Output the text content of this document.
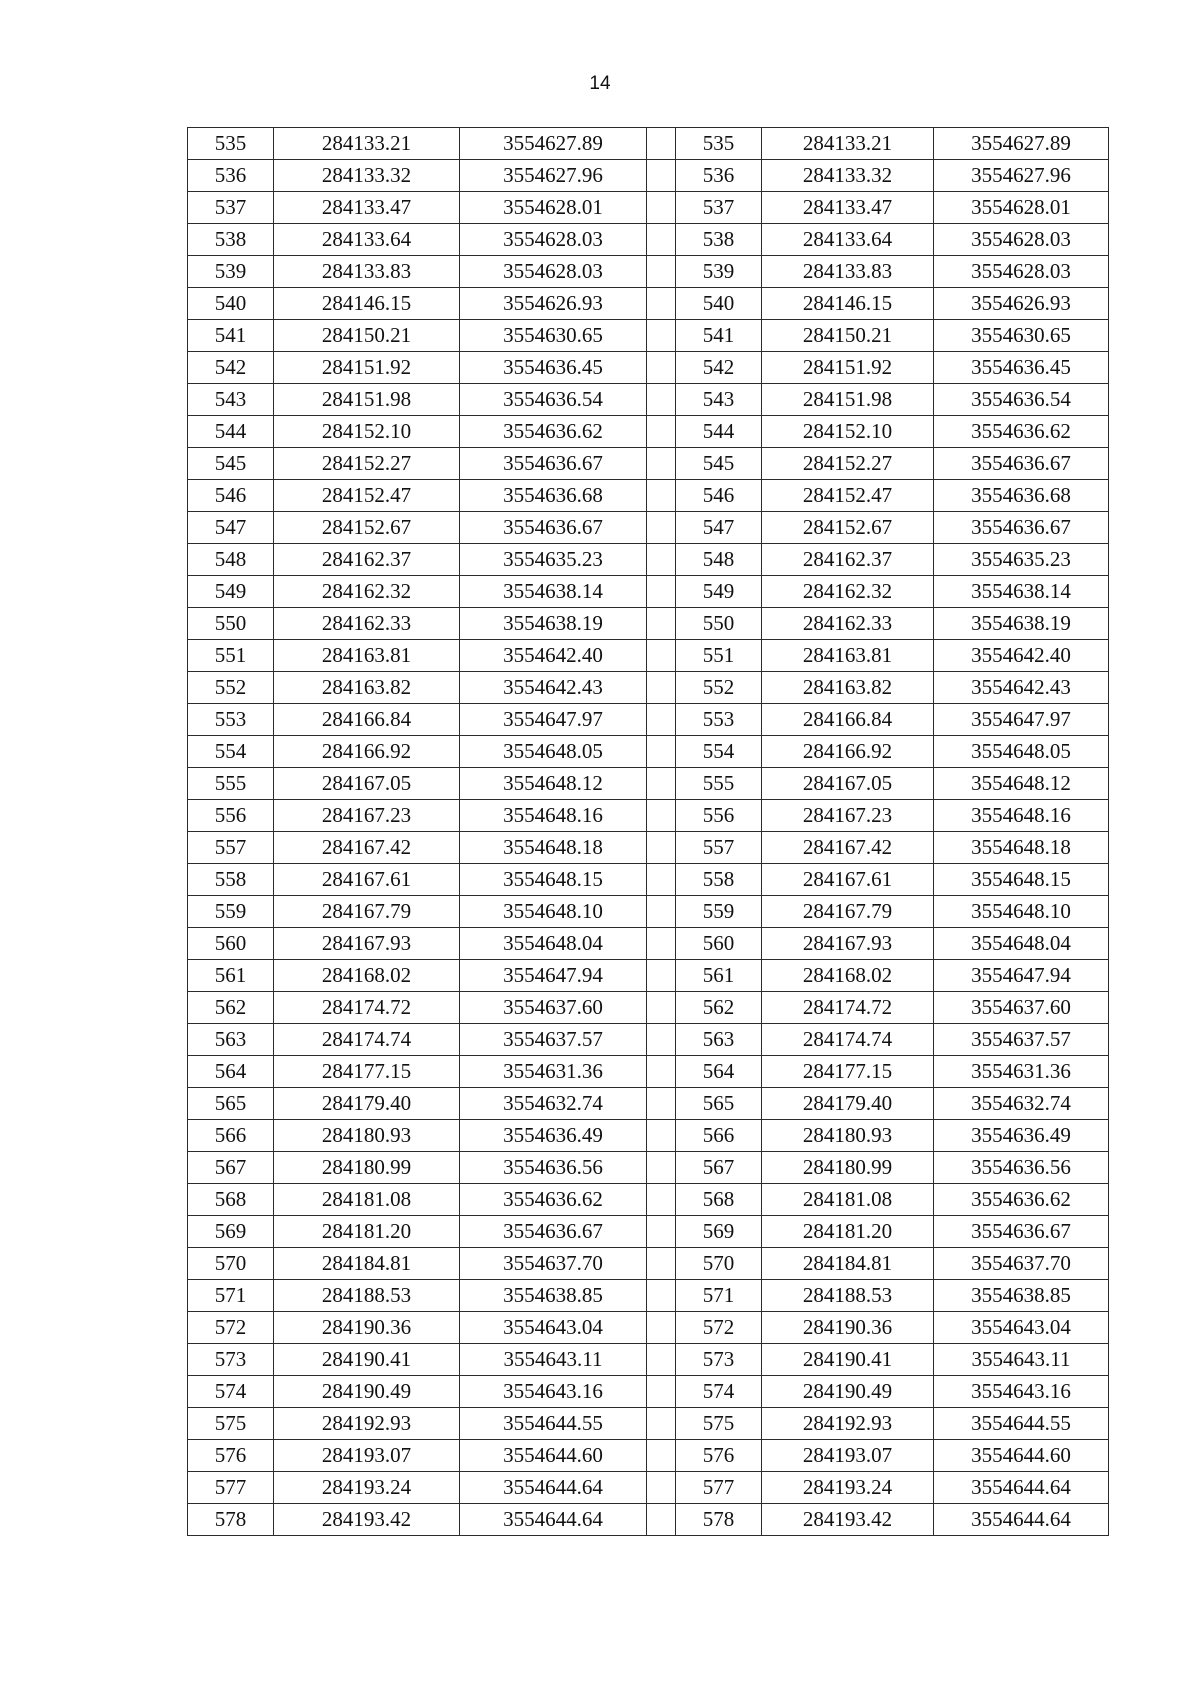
14
535	284133.21	3554627.89		535	284133.21	3554627.89
536	284133.32	3554627.96		536	284133.32	3554627.96
537	284133.47	3554628.01		537	284133.47	3554628.01
538	284133.64	3554628.03		538	284133.64	3554628.03
539	284133.83	3554628.03		539	284133.83	3554628.03
540	284146.15	3554626.93		540	284146.15	3554626.93
541	284150.21	3554630.65		541	284150.21	3554630.65
542	284151.92	3554636.45		542	284151.92	3554636.45
543	284151.98	3554636.54		543	284151.98	3554636.54
544	284152.10	3554636.62		544	284152.10	3554636.62
545	284152.27	3554636.67		545	284152.27	3554636.67
546	284152.47	3554636.68		546	284152.47	3554636.68
547	284152.67	3554636.67		547	284152.67	3554636.67
548	284162.37	3554635.23		548	284162.37	3554635.23
549	284162.32	3554638.14		549	284162.32	3554638.14
550	284162.33	3554638.19		550	284162.33	3554638.19
551	284163.81	3554642.40		551	284163.81	3554642.40
552	284163.82	3554642.43		552	284163.82	3554642.43
553	284166.84	3554647.97		553	284166.84	3554647.97
554	284166.92	3554648.05		554	284166.92	3554648.05
555	284167.05	3554648.12		555	284167.05	3554648.12
556	284167.23	3554648.16		556	284167.23	3554648.16
557	284167.42	3554648.18		557	284167.42	3554648.18
558	284167.61	3554648.15		558	284167.61	3554648.15
559	284167.79	3554648.10		559	284167.79	3554648.10
560	284167.93	3554648.04		560	284167.93	3554648.04
561	284168.02	3554647.94		561	284168.02	3554647.94
562	284174.72	3554637.60		562	284174.72	3554637.60
563	284174.74	3554637.57		563	284174.74	3554637.57
564	284177.15	3554631.36		564	284177.15	3554631.36
565	284179.40	3554632.74		565	284179.40	3554632.74
566	284180.93	3554636.49		566	284180.93	3554636.49
567	284180.99	3554636.56		567	284180.99	3554636.56
568	284181.08	3554636.62		568	284181.08	3554636.62
569	284181.20	3554636.67		569	284181.20	3554636.67
570	284184.81	3554637.70		570	284184.81	3554637.70
571	284188.53	3554638.85		571	284188.53	3554638.85
572	284190.36	3554643.04		572	284190.36	3554643.04
573	284190.41	3554643.11		573	284190.41	3554643.11
574	284190.49	3554643.16		574	284190.49	3554643.16
575	284192.93	3554644.55		575	284192.93	3554644.55
576	284193.07	3554644.60		576	284193.07	3554644.60
577	284193.24	3554644.64		577	284193.24	3554644.64
578	284193.42	3554644.64		578	284193.42	3554644.64
